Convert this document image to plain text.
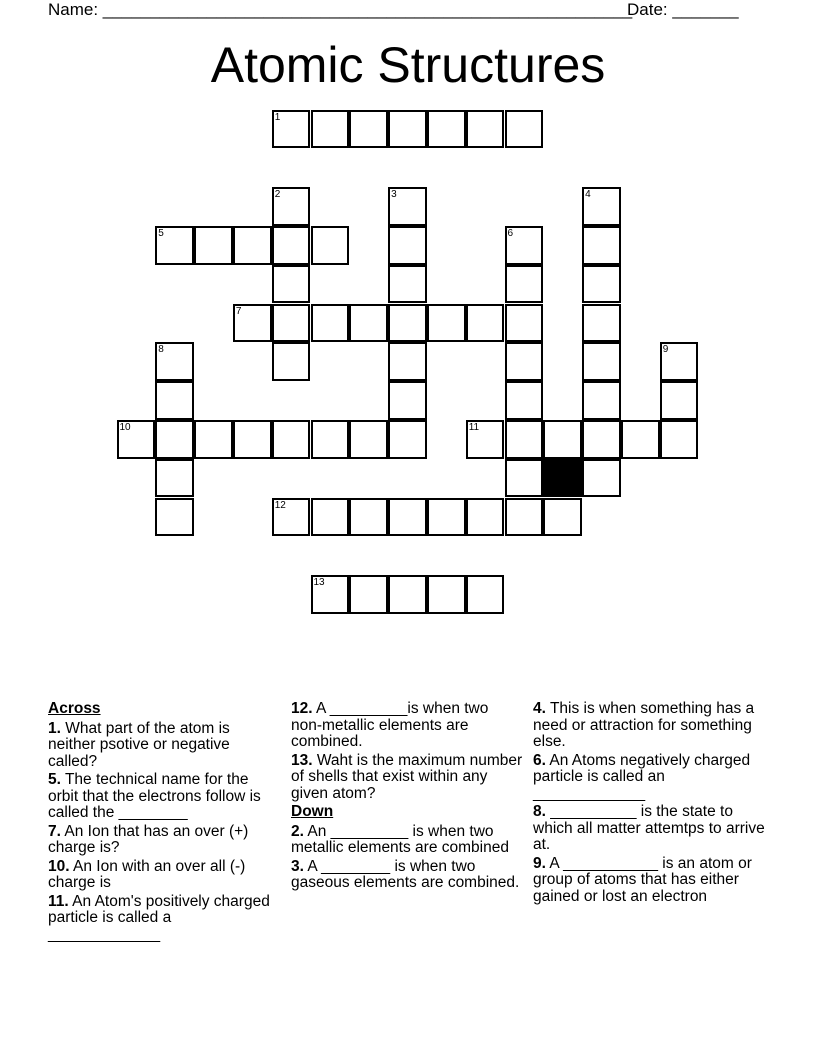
Name: ________________________________________________________
Date: _______
Atomic Structures
1
2	3	4
5	6
7
8	9
10	11
12
13
Across
1. What part of the atom is neither psotive or negative called?
5. The technical name for the orbit that the electrons follow is called the ________
7. An Ion that has an over (+) charge is?
10. An Ion with an over all (-) charge is
11. An Atom's positively charged particle is called a _____________
12. A _________is when two non-metallic elements are combined.
13. Waht is the maximum number of shells that exist within any given atom?
Down
2. An _________ is when two metallic elements are combined
3. A ________ is when two gaseous elements are combined.
4. This is when something has a need or attraction for something else.
6. An Atoms negatively charged particle is called an _____________
8. __________ is the state to which all matter attemtps to arrive at.
9. A ___________ is an atom or group of atoms that has either gained or lost an electron
